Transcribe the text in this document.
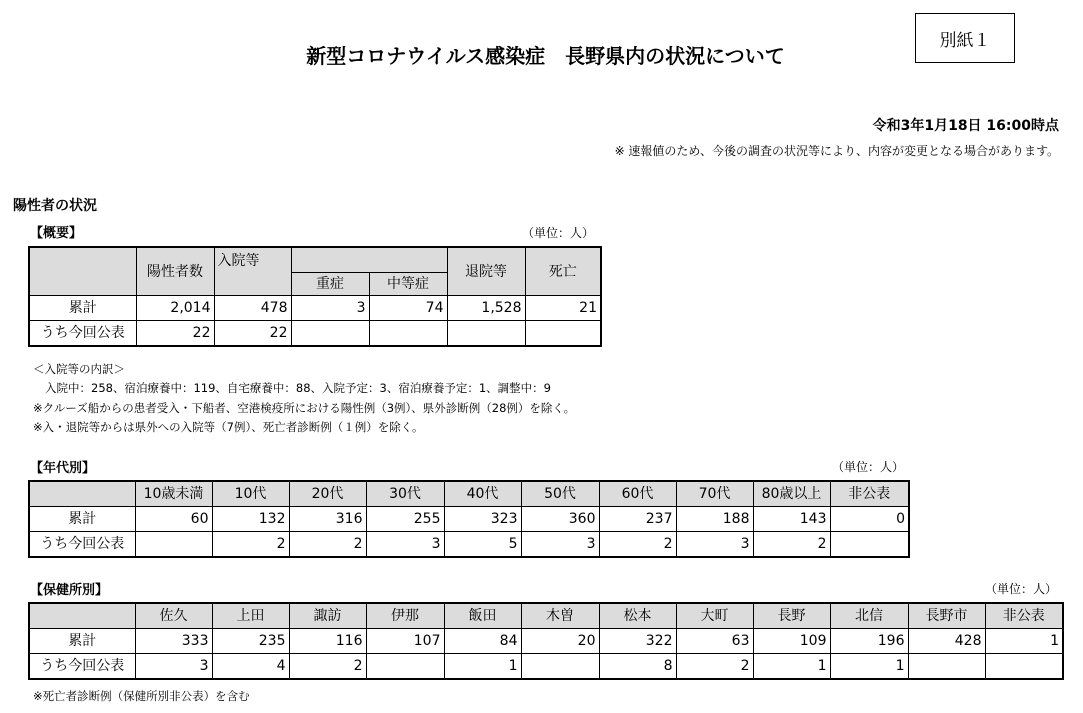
別紙１
新型コロナウイルス感染症　長野県内の状況について
令和3年1月18日 16:00時点
※ 速報値のため、今後の調査の状況等により、内容が変更となる場合があります。
陽性者の状況
【概要】	（単位：人）
	陽性者数	入院等			退院等	死亡
			重症	中等症		
累計	2,014	478	3	74	1,528	21
うち今回公表	22	22				
＜入院等の内訳＞
入院中：258、宿泊療養中：119、自宅療養中：88、入院予定：3、宿泊療養予定：1、調整中：9
※クルーズ船からの患者受入・下船者、空港検疫所における陽性例（3例）、県外診断例（28例）を除く。
※入・退院等からは県外への入院等（7例）、死亡者診断例（１例）を除く。
【年代別】	（単位：人）
	10歳未満	10代	20代	30代	40代	50代	60代	70代	80歳以上	非公表
累計	60	132	316	255	323	360	237	188	143	0
うち今回公表		2	2	3	5	3	2	3	2	
【保健所別】	（単位：人）
	佐久	上田	諏訪	伊那	飯田	木曽	松本	大町	長野	北信	長野市	非公表
累計	333	235	116	107	84	20	322	63	109	196	428	1
うち今回公表	3	4	2		1		8	2	1	1		
※死亡者診断例（保健所別非公表）を含む
